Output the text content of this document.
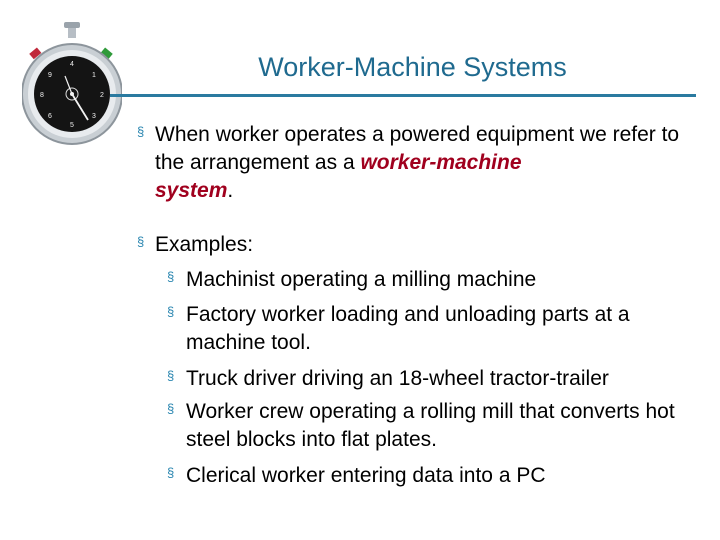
4
1
2
3
5
6
8
9	Worker-Machine Systems
§ When worker operates a powered equipment we refer to the arrangement as a worker-machine
system.
§ Examples:
§ Machinist operating a milling machine
§ Factory worker loading and unloading parts at a machine tool.
§ Truck driver driving an 18-wheel tractor-trailer
§ Worker crew operating a rolling mill that converts hot steel blocks into flat plates.
§ Clerical worker entering data into a PC
